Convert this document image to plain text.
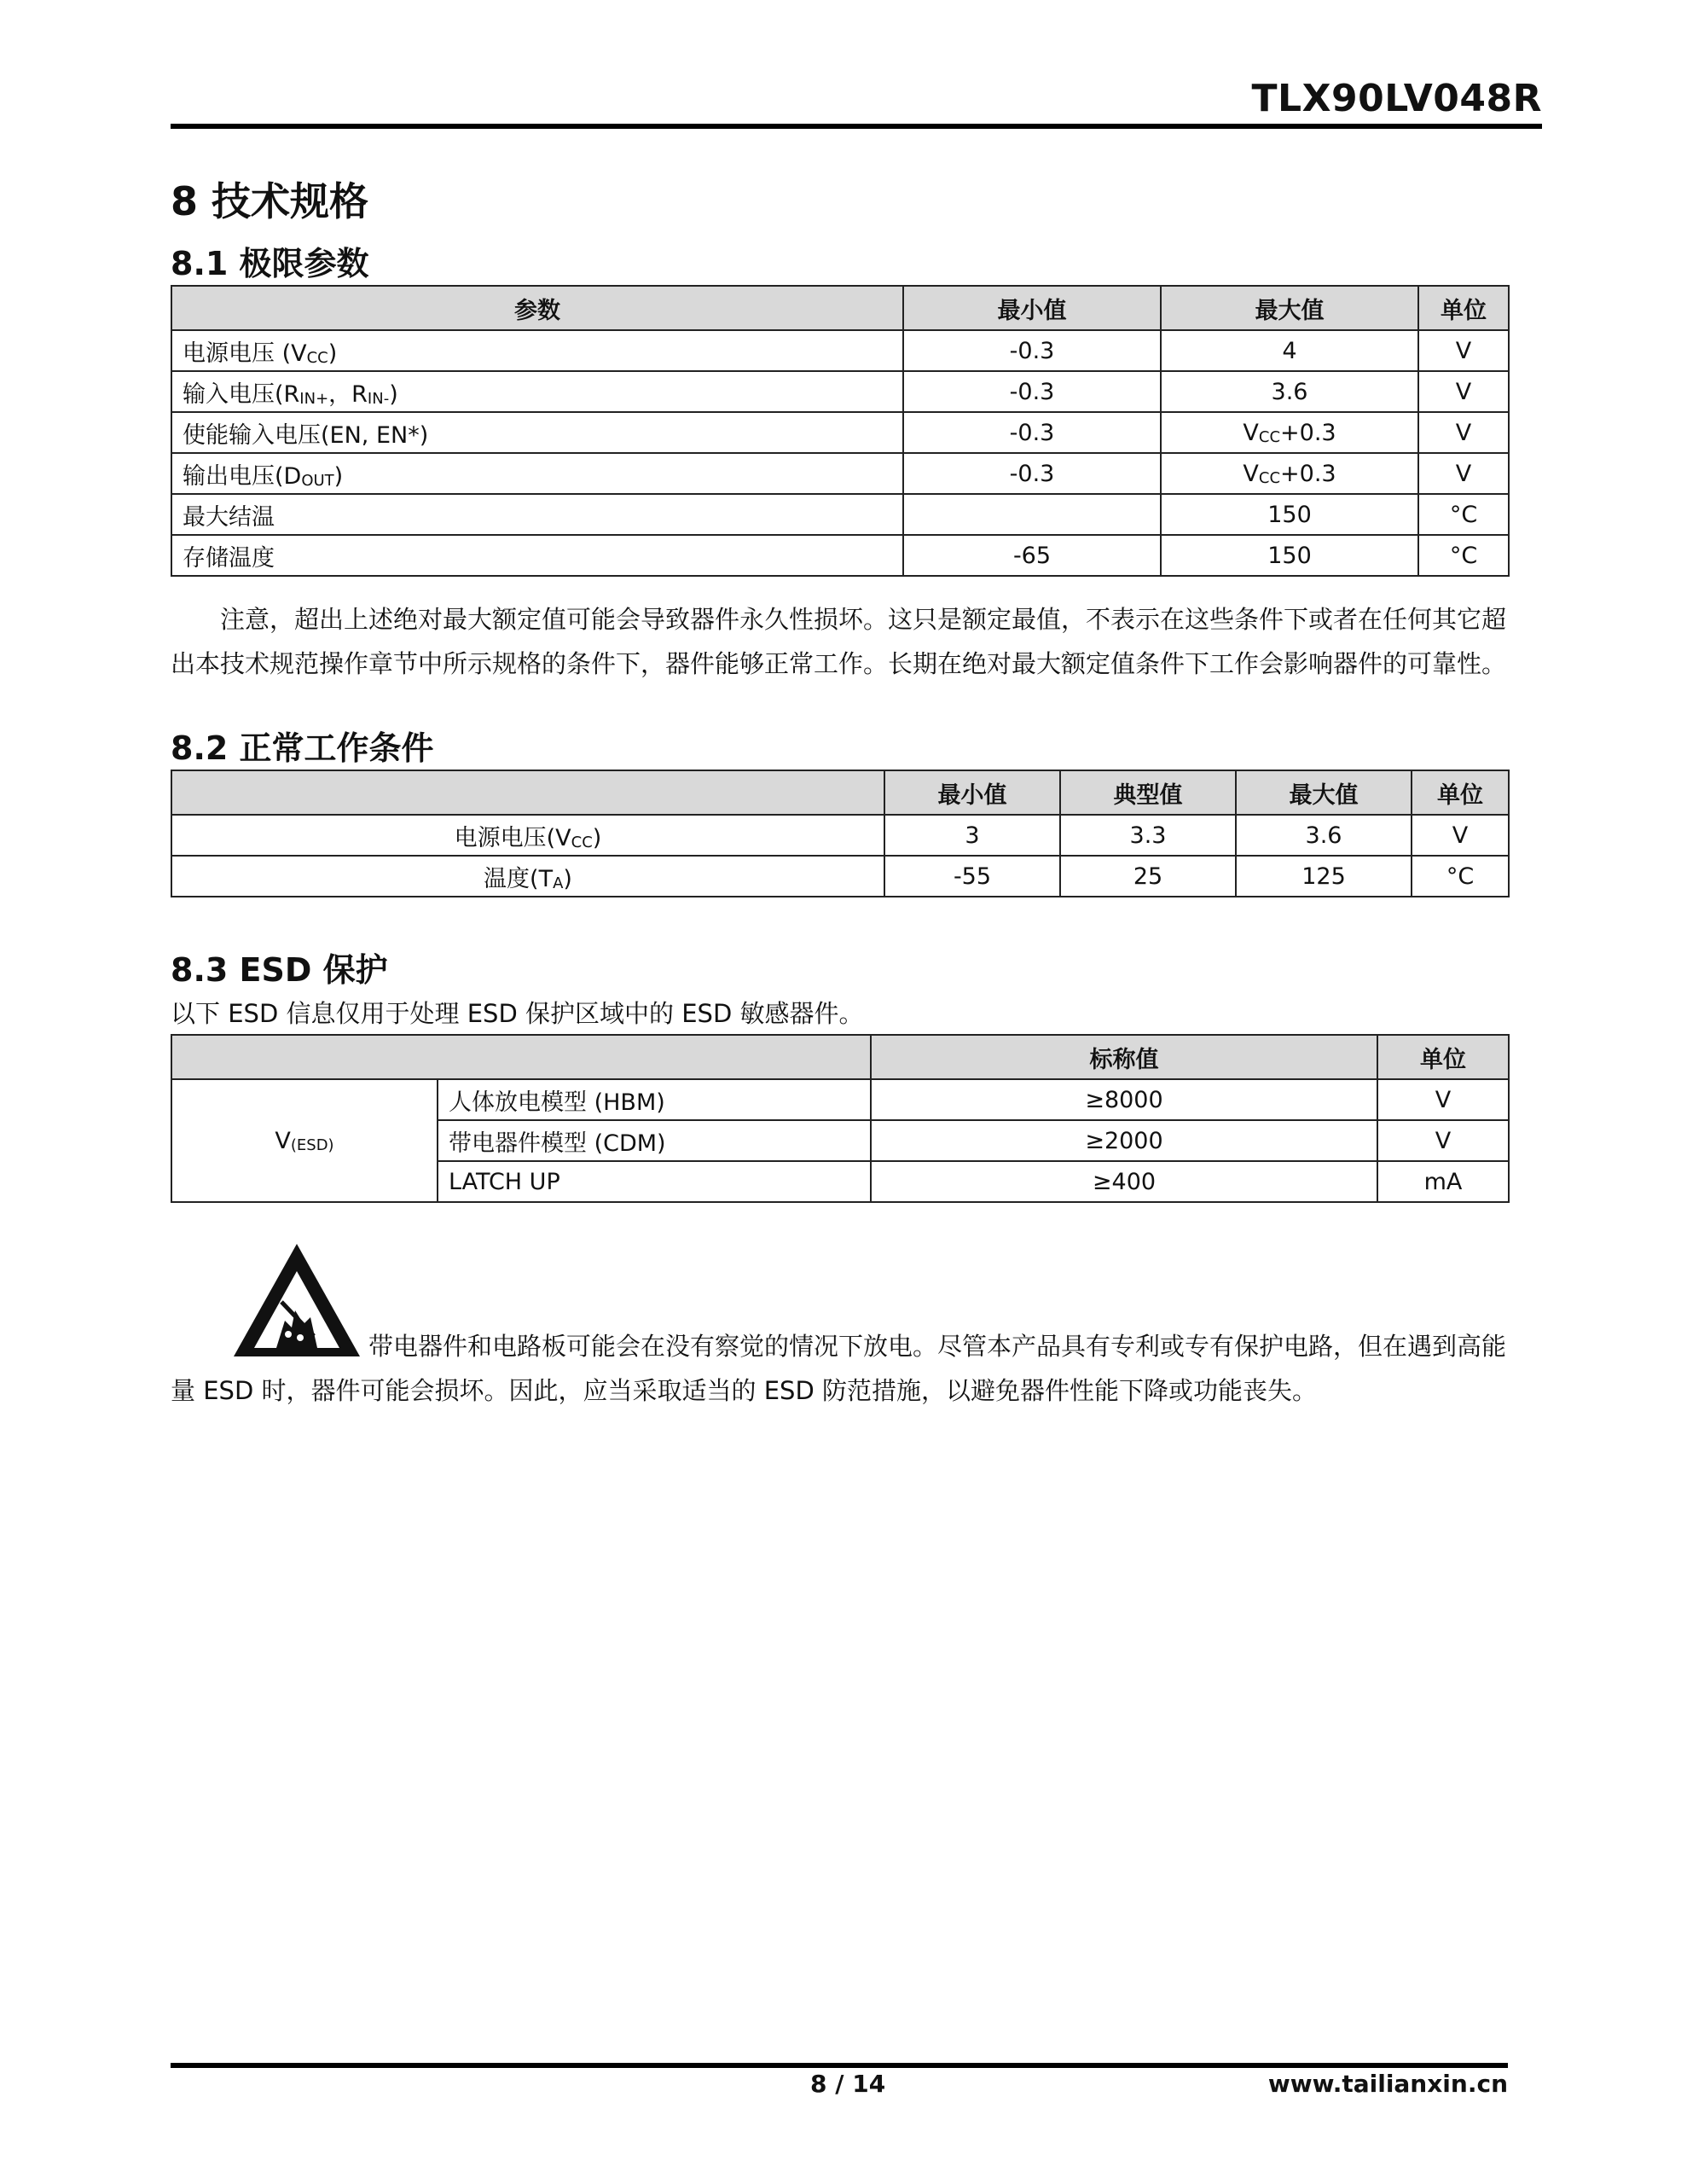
TLX90LV048R
8 技术规格
8.1 极限参数
参数	最小值	最大值	单位
电源电压 $(V_{CC})$	-0.3	4	V
输入电压($R_{IN+}$，$R_{IN-}$)	-0.3	3.6	V
使能输入电压(EN, EN*)	-0.3	$V_{CC}+0.3$	V
输出电压$(D_{OUT})$	-0.3	$V_{CC}+0.3$	V
最大结温		150	°C
存储温度	-65	150	°C

注意，超出上述绝对最大额定值可能会导致器件永久性损坏。这只是额定最值，不表示在这些条件下或者在任何其它超出本技术规范操作章节中所示规格的条件下，器件能够正常工作。长期在绝对最大额定值条件下工作会影响器件的可靠性。

8.2 正常工作条件
	最小值	典型值	最大值	单位
电源电压$(V_{CC})$	3	3.3	3.6	V
温度$(T_A)$	-55	25	125	°C
8.3 ESD 保护

以下 ESD 信息仅用于处理 ESD 保护区域中的 ESD 敏感器件。

		标称值	单位
$V_{(ESD)}$	人体放电模型 (HBM)	≥8000	V
	带电器件模型 (CDM)	≥2000	V
	LATCH UP	≥400	mA

带电器件和电路板可能会在没有察觉的情况下放电。尽管本产品具有专利或专有保护电路，但在遇到高能量 ESD 时，器件可能会损坏。因此，应当采取适当的 ESD 防范措施，以避免器件性能下降或功能丧失。

8 / 14	www.tailianxin.cn
